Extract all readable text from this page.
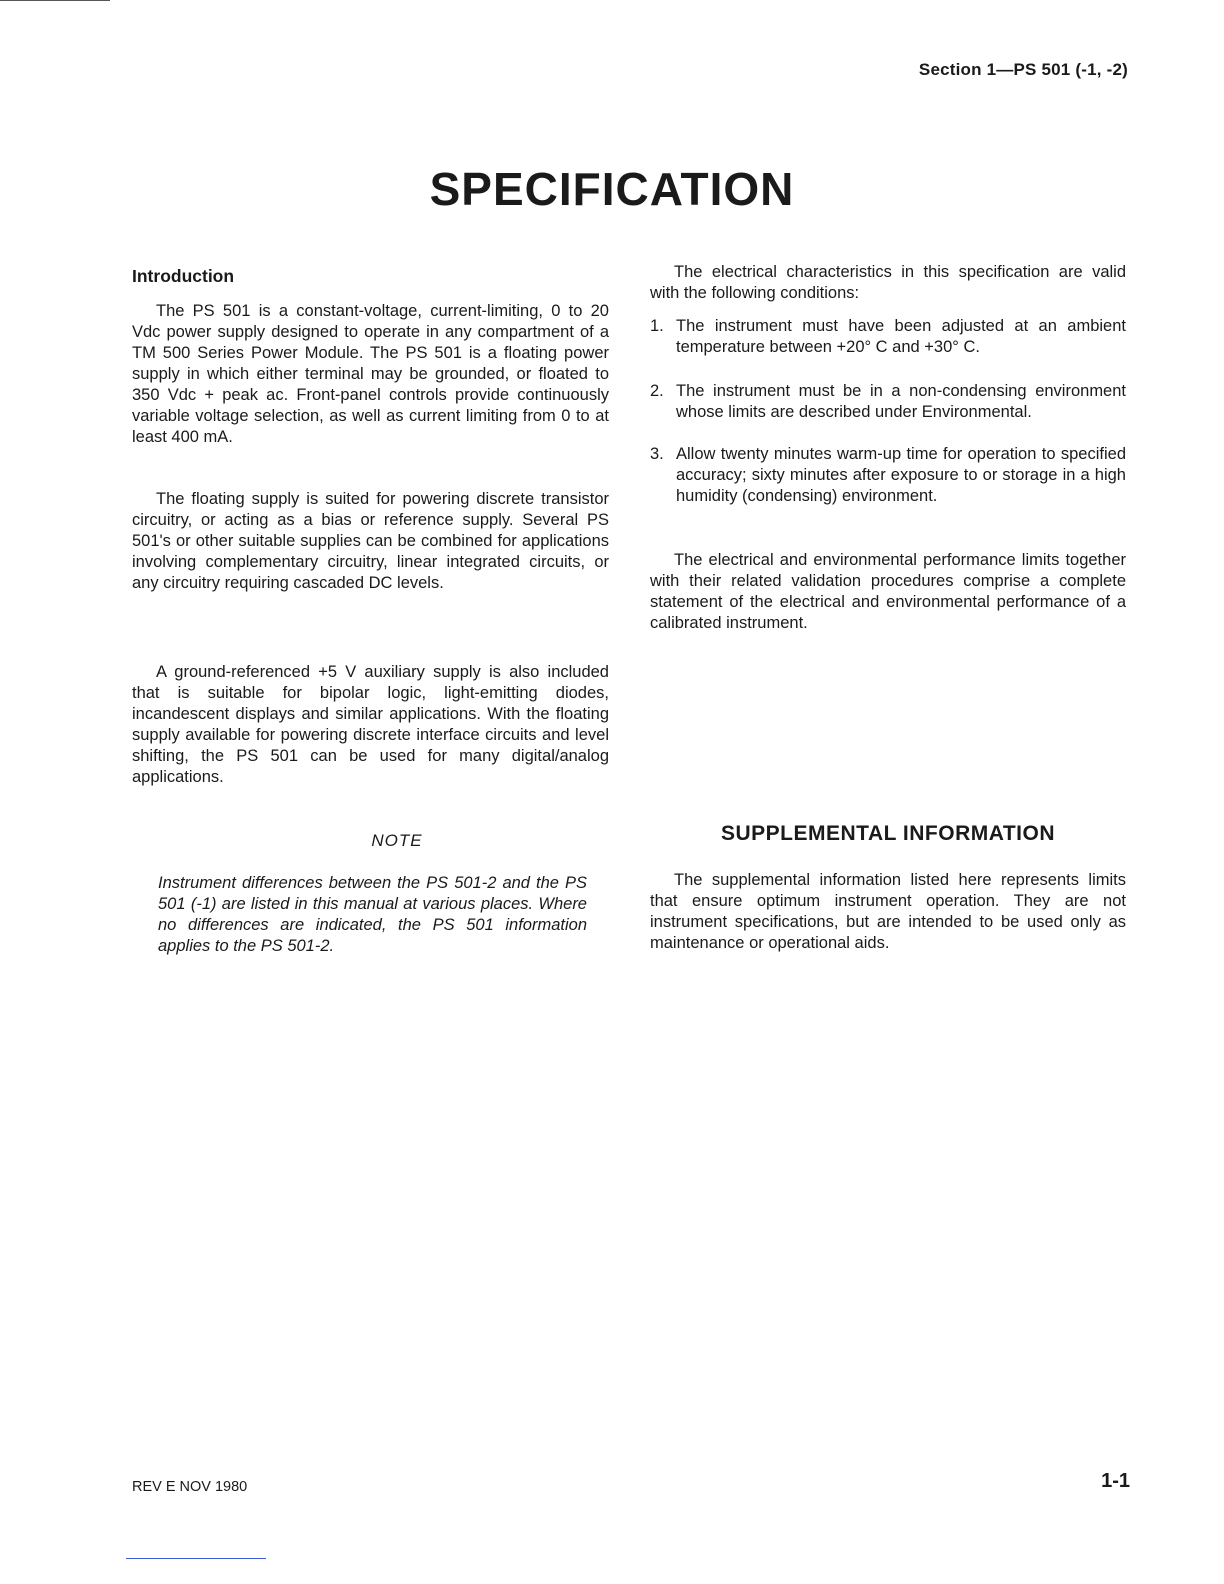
Section 1—PS 501 (-1, -2)
SPECIFICATION
Introduction

The PS 501 is a constant-voltage, current-limiting, 0 to 20 Vdc power supply designed to operate in any compartment of a TM 500 Series Power Module. The PS 501 is a floating power supply in which either terminal may be grounded, or floated to 350 Vdc + peak ac. Front-panel controls provide continuously variable voltage selection, as well as current limiting from 0 to at least 400 mA.

The floating supply is suited for powering discrete transistor circuitry, or acting as a bias or reference supply. Several PS 501's or other suitable supplies can be combined for applications involving complementary circuitry, linear integrated circuits, or any circuitry requiring cascaded DC levels.

A ground-referenced +5 V auxiliary supply is also included that is suitable for bipolar logic, light-emitting diodes, incandescent displays and similar applications. With the floating supply available for powering discrete interface circuits and level shifting, the PS 501 can be used for many digital/analog applications.

NOTE

Instrument differences between the PS 501-2 and the PS 501 (-1) are listed in this manual at various places. Where no differences are indicated, the PS 501 information applies to the PS 501-2.

The electrical characteristics in this specification are valid with the following conditions:

1. The instrument must have been adjusted at an ambient temperature between +20° C and +30° C.
2. The instrument must be in a non-condensing environment whose limits are described under Environmental.
3. Allow twenty minutes warm-up time for operation to specified accuracy; sixty minutes after exposure to or storage in a high humidity (condensing) environment.

The electrical and environmental performance limits together with their related validation procedures comprise a complete statement of the electrical and environmental performance of a calibrated instrument.

SUPPLEMENTAL INFORMATION

The supplemental information listed here represents limits that ensure optimum instrument operation. They are not instrument specifications, but are intended to be used only as maintenance or operational aids.

REV E NOV 1980	1-1
